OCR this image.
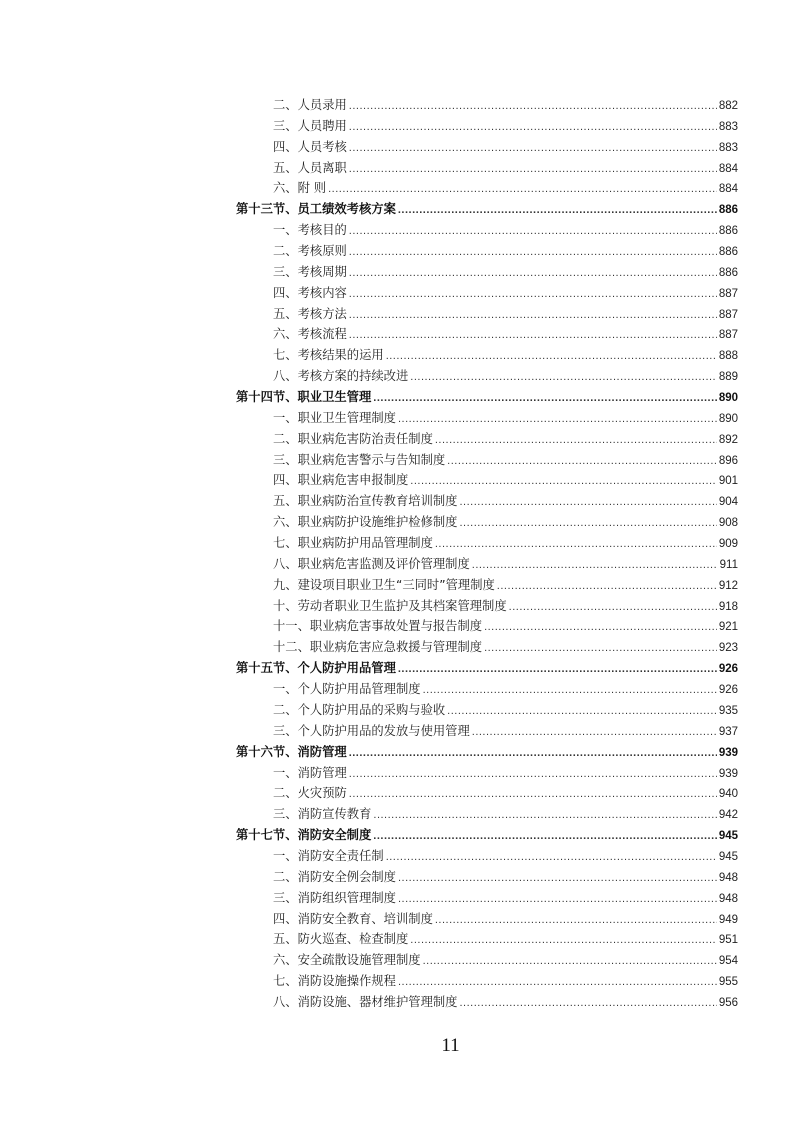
二、人员录用 .....	882
三、人员聘用 .....	883
四、人员考核 .....	883
五、人员离职 .....	884
六、附 则 .....	884
第十三节、员工绩效考核方案 .....	886
一、考核目的 .....	886
二、考核原则 .....	886
三、考核周期 .....	886
四、考核内容 .....	887
五、考核方法 .....	887
六、考核流程 .....	887
七、考核结果的运用 .....	888
八、考核方案的持续改进 .....	889
第十四节、职业卫生管理 .....	890
一、职业卫生管理制度 .....	890
二、职业病危害防治责任制度 .....	892
三、职业病危害警示与告知制度 .....	896
四、职业病危害申报制度 .....	901
五、职业病防治宣传教育培训制度 .....	904
六、职业病防护设施维护检修制度 .....	908
七、职业病防护用品管理制度 .....	909
八、职业病危害监测及评价管理制度 .....	911
九、建设项目职业卫生“三同时”管理制度 .....	912
十、劳动者职业卫生监护及其档案管理制度 .....	918
十一、职业病危害事故处置与报告制度 .....	921
十二、职业病危害应急救援与管理制度 .....	923
第十五节、个人防护用品管理 .....	926
一、个人防护用品管理制度 .....	926
二、个人防护用品的采购与验收 .....	935
三、个人防护用品的发放与使用管理 .....	937
第十六节、消防管理 .....	939
一、消防管理 .....	939
二、火灾预防 .....	940
三、消防宣传教育 .....	942
第十七节、消防安全制度 .....	945
一、消防安全责任制 .....	945
二、消防安全例会制度 .....	948
三、消防组织管理制度 .....	948
四、消防安全教育、培训制度 .....	949
五、防火巡查、检查制度 .....	951
六、安全疏散设施管理制度 .....	954
七、消防设施操作规程 .....	955
八、消防设施、器材维护管理制度 .....	956
11
